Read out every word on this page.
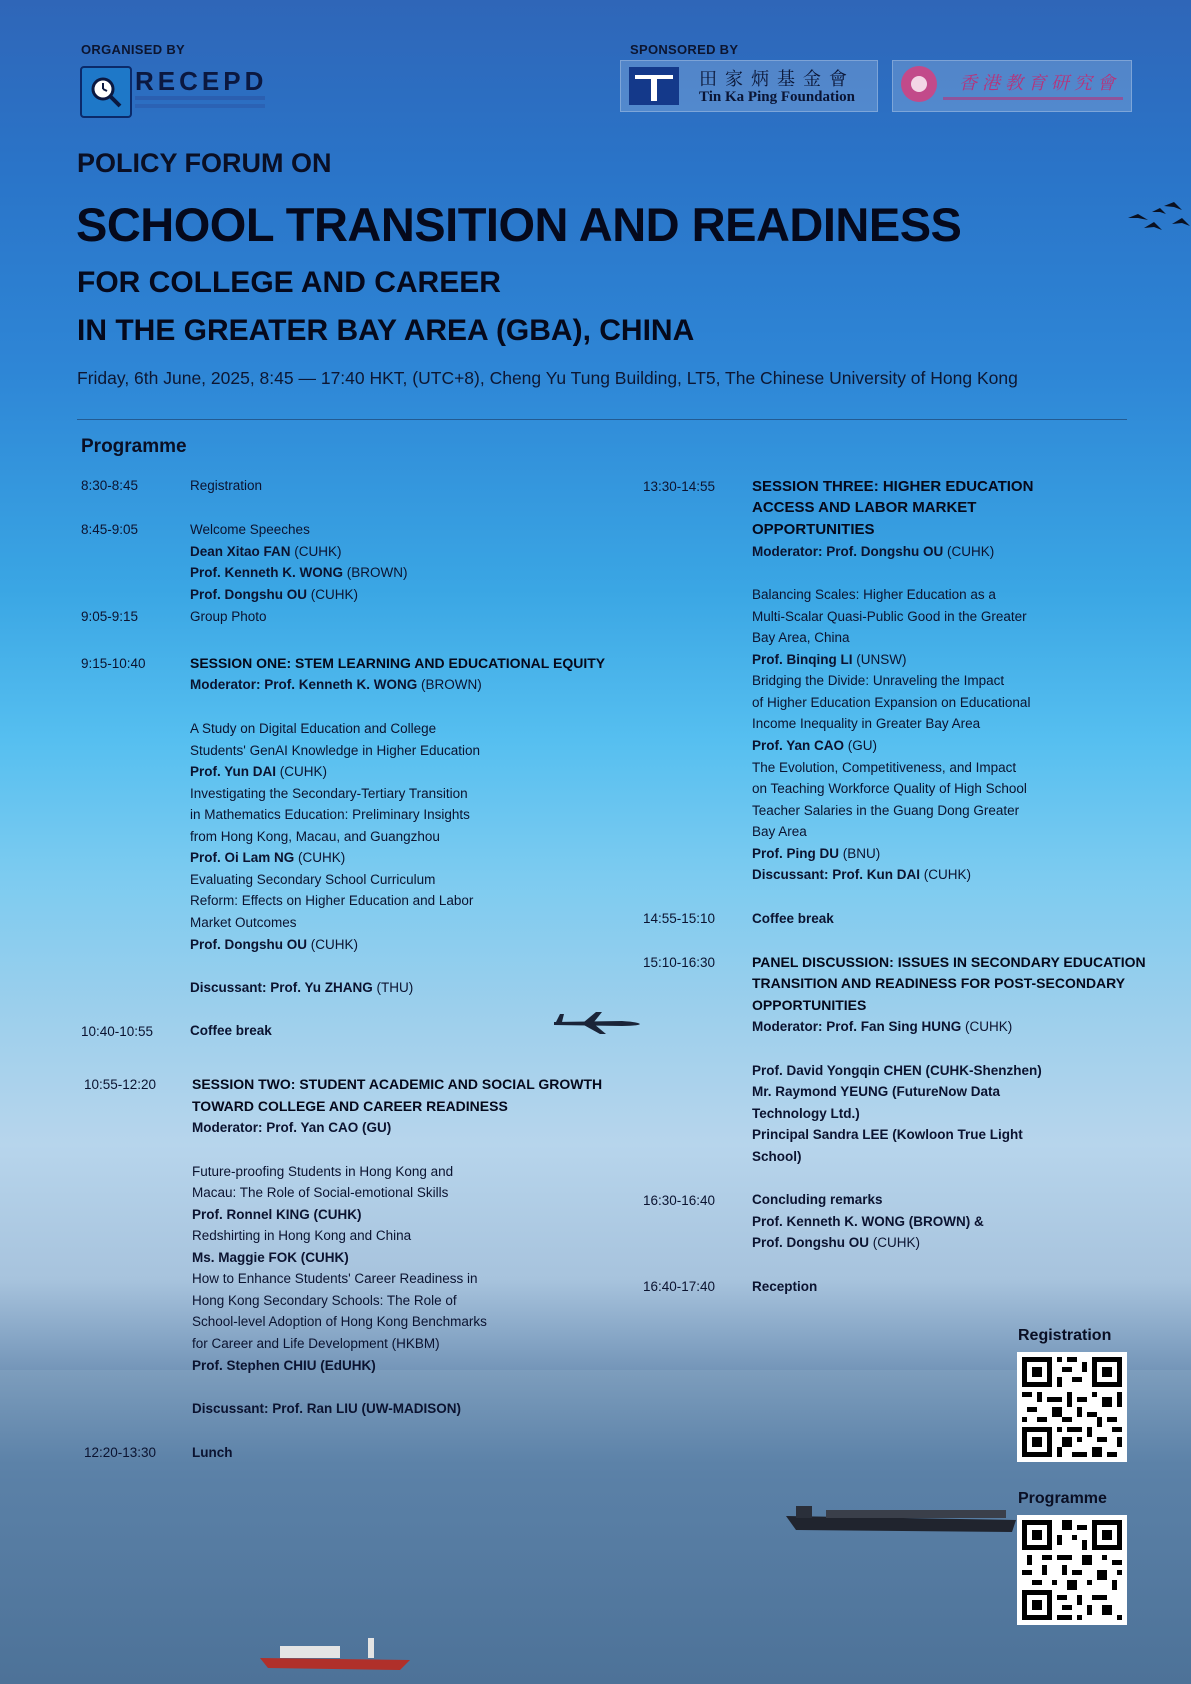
ORGANISED BY	SPONSORED BY
RECEPD	田家炳基金會
Tin Ka Ping Foundation
香港教育研究會
POLICY FORUM ON
SCHOOL TRANSITION AND READINESS
FOR COLLEGE AND CAREER
IN THE GREATER BAY AREA (GBA), CHINA
Friday, 6th June, 2025, 8:45 — 17:40 HKT, (UTC+8), Cheng Yu Tung Building, LT5, The Chinese University of Hong Kong
Programme
8:30-8:45	Registration
8:45-9:05	Welcome Speeches
Dean Xitao FAN (CUHK)
Prof. Kenneth K. WONG (BROWN)
Prof. Dongshu OU (CUHK)
9:05-9:15	Group Photo
9:15-10:40	SESSION ONE: STEM LEARNING AND EDUCATIONAL EQUITY
Moderator: Prof. Kenneth K. WONG (BROWN)
A Study on Digital Education and College
Students' GenAI Knowledge in Higher Education
Prof. Yun DAI (CUHK)
Investigating the Secondary-Tertiary Transition
in Mathematics Education: Preliminary Insights
from Hong Kong, Macau, and Guangzhou
Prof. Oi Lam NG (CUHK)
Evaluating Secondary School Curriculum
Reform: Effects on Higher Education and Labor
Market Outcomes
Prof. Dongshu OU (CUHK)
Discussant: Prof. Yu ZHANG (THU)
10:40-10:55	Coffee break
10:55-12:20	SESSION TWO: STUDENT ACADEMIC AND SOCIAL GROWTH
TOWARD COLLEGE AND CAREER READINESS
Moderator: Prof. Yan CAO (GU)
Future-proofing Students in Hong Kong and
Macau: The Role of Social-emotional Skills
Prof. Ronnel KING (CUHK)
Redshirting in Hong Kong and China
Ms. Maggie FOK (CUHK)
How to Enhance Students' Career Readiness in
Hong Kong Secondary Schools: The Role of
School-level Adoption of Hong Kong Benchmarks
for Career and Life Development (HKBM)
Prof. Stephen CHIU (EdUHK)
Discussant: Prof. Ran LIU (UW-MADISON)
12:20-13:30	Lunch
13:30-14:55 SESSION THREE: HIGHER EDUCATION
ACCESS AND LABOR MARKET
OPPORTUNITIES
Moderator: Prof. Dongshu OU (CUHK)
Balancing Scales: Higher Education as a
Multi-Scalar Quasi-Public Good in the Greater
Bay Area, China
Prof. Binqing LI (UNSW)
Bridging the Divide: Unraveling the Impact
of Higher Education Expansion on Educational
Income Inequality in Greater Bay Area
Prof. Yan CAO (GU)
The Evolution, Competitiveness, and Impact
on Teaching Workforce Quality of High School
Teacher Salaries in the Guang Dong Greater
Bay Area
Prof. Ping DU (BNU)
Discussant: Prof. Kun DAI (CUHK)
14:55-15:10	Coffee break
15:10-16:30	PANEL DISCUSSION: ISSUES IN SECONDARY EDUCATION
TRANSITION AND READINESS FOR POST-SECONDARY
OPPORTUNITIES
Moderator: Prof. Fan Sing HUNG (CUHK)
Prof. David Yongqin CHEN (CUHK-Shenzhen)
Mr. Raymond YEUNG (FutureNow Data
Technology Ltd.)
Principal Sandra LEE (Kowloon True Light
School)
16:30-16:40	Concluding remarks
Prof. Kenneth K. WONG (BROWN) &
Prof. Dongshu OU (CUHK)
16:40-17:40	Reception
Registration
Programme
